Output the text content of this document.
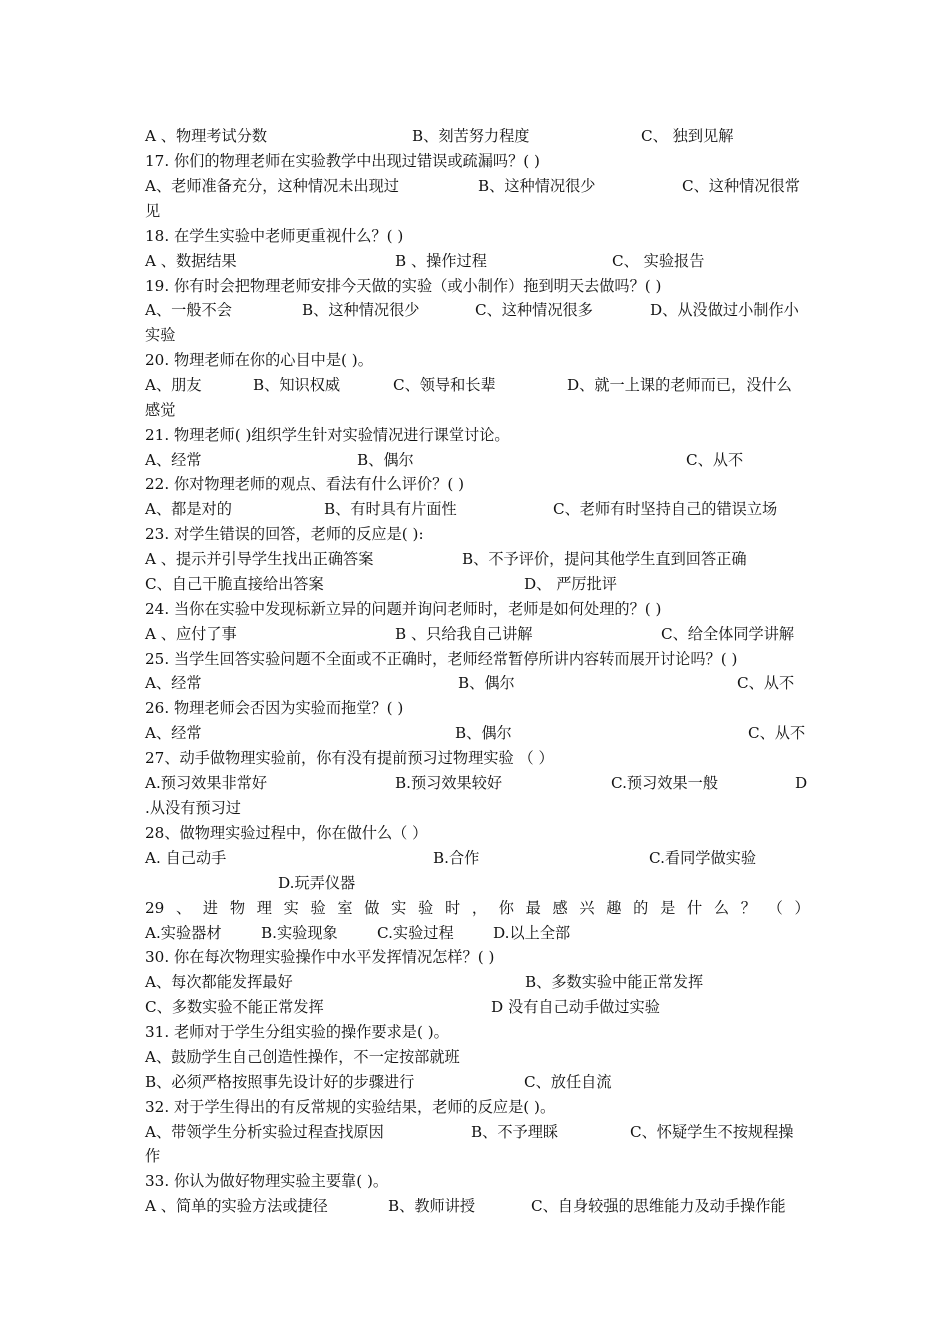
A 、物理考试分数	B、刻苦努力程度	C、 独到见解
17. 你们的物理老师在实验教学中出现过错误或疏漏吗？( )
A、老师准备充分，这种情况未出现过	B、这种情况很少	C、这种情况很常
见
18. 在学生实验中老师更重视什么？( )
A 、数据结果	B 、操作过程	C、 实验报告
19. 你有时会把物理老师安排今天做的实验（或小制作）拖到明天去做吗？( )
A、一般不会	B、这种情况很少	C、这种情况很多	D、从没做过小制作小
实验
20. 物理老师在你的心目中是( )。
A、朋友	B、知识权威	C、领导和长辈	D、就一上课的老师而已，没什么
感觉
21. 物理老师( )组织学生针对实验情况进行课堂讨论。
A、经常	B、偶尔	C、从不
22. 你对物理老师的观点、看法有什么评价？( )
A、都是对的	B、有时具有片面性	C、老师有时坚持自己的错误立场
23. 对学生错误的回答，老师的反应是( ):
A 、提示并引导学生找出正确答案	B、不予评价，提问其他学生直到回答正确
C、自己干脆直接给出答案	D、 严厉批评
24. 当你在实验中发现标新立异的问题并询问老师时，老师是如何处理的？( )
A 、应付了事	B 、只给我自己讲解	C、给全体同学讲解
25. 当学生回答实验问题不全面或不正确时，老师经常暂停所讲内容转而展开讨论吗？( )
A、经常	B、偶尔	C、从不
26. 物理老师会否因为实验而拖堂？( )
A、经常	B、偶尔	C、从不
27、动手做物理实验前，你有没有提前预习过物理实验 （ ）
A.预习效果非常好	B.预习效果较好	C.预习效果一般	D
.从没有预习过
28、做物理实验过程中，你在做什么（ ）
A. 自己动手	B.合作	C.看同学做实验
D.玩弄仪器
29 、 进 物 理 实 验 室 做 实 验 时 ， 你 最 感 兴 趣 的 是 什 么 ？ （ ）
A.实验器材	B.实验现象	C.实验过程	D.以上全部
30. 你在每次物理实验操作中水平发挥情况怎样？( )
A、每次都能发挥最好	B、多数实验中能正常发挥
C、多数实验不能正常发挥	D 没有自己动手做过实验
31. 老师对于学生分组实验的操作要求是( )。
A、鼓励学生自己创造性操作，不一定按部就班
B、必须严格按照事先设计好的步骤进行	C、放任自流
32. 对于学生得出的有反常规的实验结果，老师的反应是( )。
A、带领学生分析实验过程查找原因	B、不予理睬	C、怀疑学生不按规程操
作
33. 你认为做好物理实验主要靠( )。
A 、简单的实验方法或捷径	B、教师讲授	C、自身较强的思维能力及动手操作能
